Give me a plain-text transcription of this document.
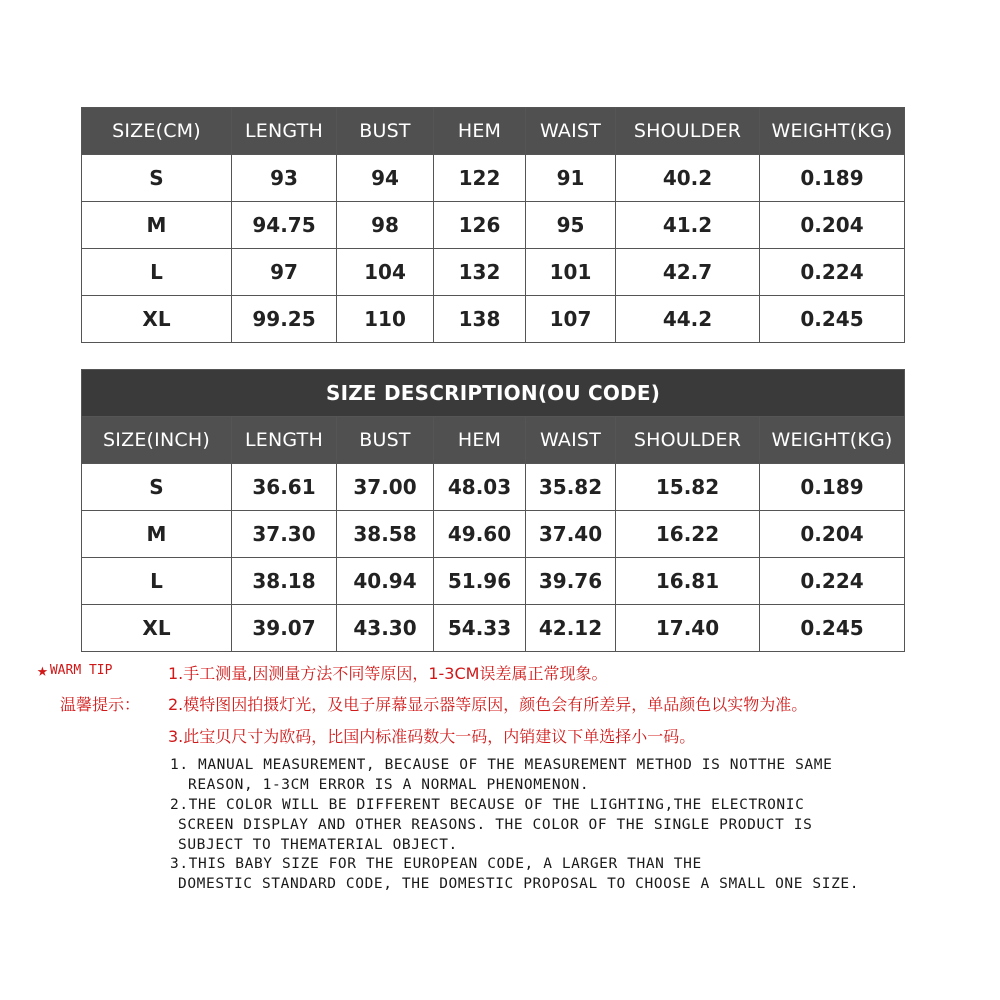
SIZE(CM)	LENGTH	BUST	HEM	WAIST	SHOULDER	WEIGHT(KG)
S	93	94	122	91	40.2	0.189
M	94.75	98	126	95	41.2	0.204
L	97	104	132	101	42.7	0.224
XL	99.25	110	138	107	44.2	0.245
SIZE DESCRIPTION(OU CODE)						
SIZE(INCH)	LENGTH	BUST	HEM	WAIST	SHOULDER	WEIGHT(KG)
S	36.61	37.00	48.03	35.82	15.82	0.189
M	37.30	38.58	49.60	37.40	16.22	0.204
L	38.18	40.94	51.96	39.76	16.81	0.224
XL	39.07	43.30	54.33	42.12	17.40	0.245
★ WARM TIP
温馨提示：
1.手工测量,因测量方法不同等原因，1-3CM误差属正常现象。
2.模特图因拍摄灯光，及电子屏幕显示器等原因，颜色会有所差异，单品颜色以实物为准。
3.此宝贝尺寸为欧码，比国内标准码数大一码，内销建议下单选择小一码。
1. MANUAL MEASUREMENT, BECAUSE OF THE MEASUREMENT METHOD IS NOTTHE SAME
REASON, 1-3CM ERROR IS A NORMAL PHENOMENON.
2.THE COLOR WILL BE DIFFERENT BECAUSE OF THE LIGHTING,THE ELECTRONIC
SCREEN DISPLAY AND OTHER REASONS. THE COLOR OF THE SINGLE PRODUCT IS
SUBJECT TO THEMATERIAL OBJECT.
3.THIS BABY SIZE FOR THE EUROPEAN CODE, A LARGER THAN THE
DOMESTIC STANDARD CODE, THE DOMESTIC PROPOSAL TO CHOOSE A SMALL ONE SIZE.
